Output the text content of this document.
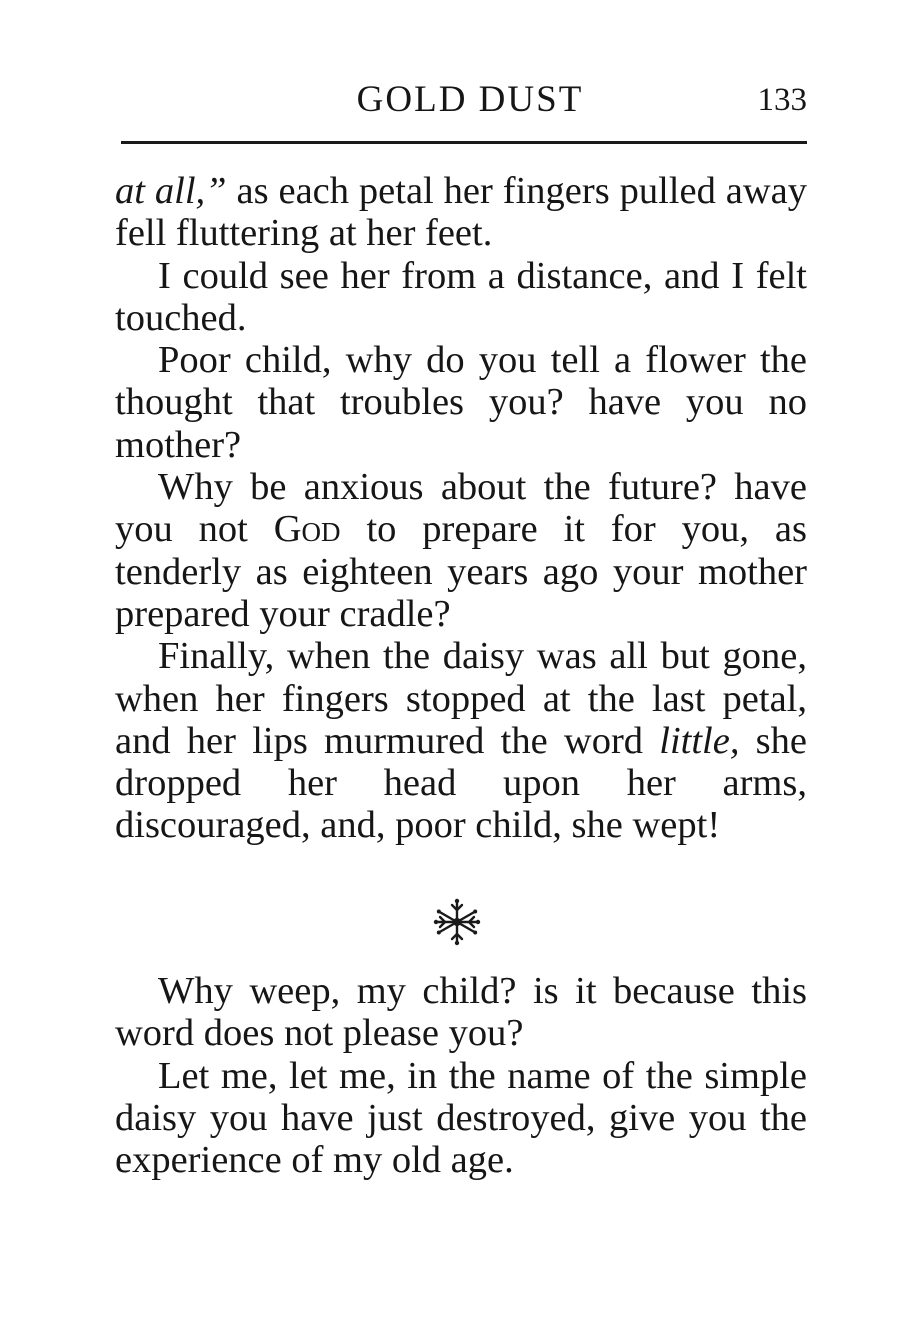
GOLD DUST	133

at all,” as each petal her fingers pulled away fell fluttering at her feet.

I could see her from a distance, and I felt touched.

Poor child, why do you tell a flower the thought that troubles you? have you no mother?

Why be anxious about the future? have you not God to prepare it for you, as tenderly as eighteen years ago your mother prepared your cradle?

Finally, when the daisy was all but gone, when her fingers stopped at the last petal, and her lips murmured the word little, she dropped her head upon her arms, discouraged, and, poor child, she wept!

Why weep, my child? is it because this word does not please you?

Let me, let me, in the name of the simple daisy you have just destroyed, give you the experience of my old age.
